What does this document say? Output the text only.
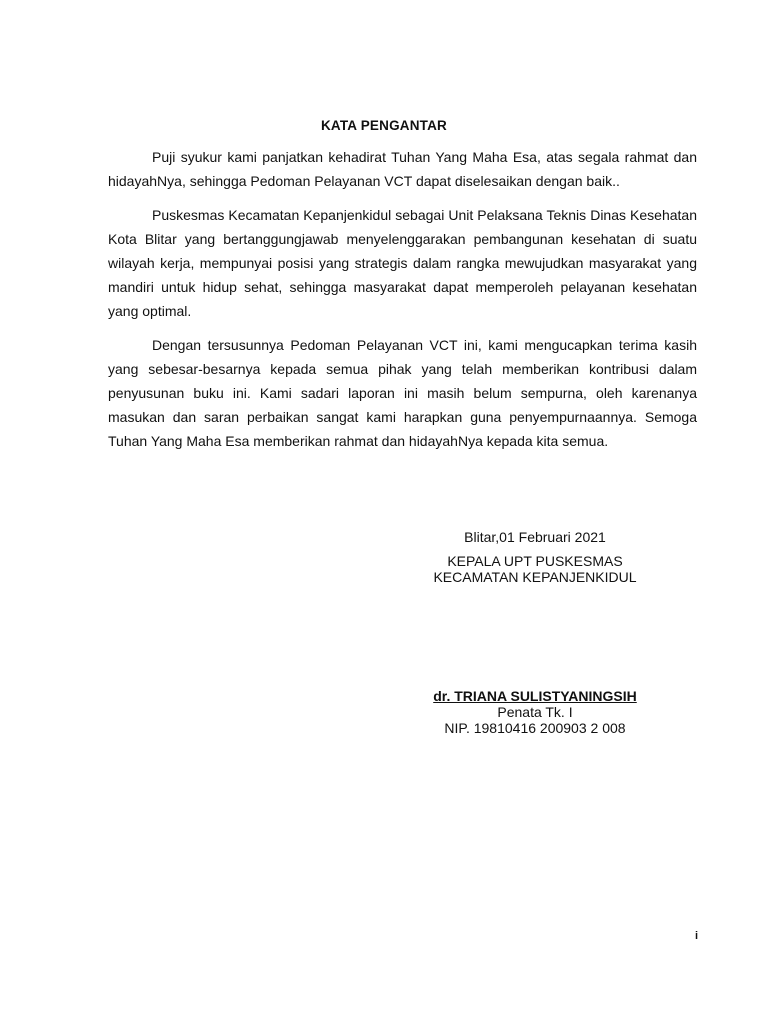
KATA PENGANTAR

Puji syukur kami panjatkan kehadirat Tuhan Yang Maha Esa, atas segala rahmat dan hidayahNya, sehingga Pedoman Pelayanan VCT dapat diselesaikan dengan baik..

Puskesmas Kecamatan Kepanjenkidul sebagai Unit Pelaksana Teknis Dinas Kesehatan Kota Blitar yang bertanggungjawab menyelenggarakan pembangunan kesehatan di suatu wilayah kerja, mempunyai posisi yang strategis dalam rangka mewujudkan masyarakat yang mandiri untuk hidup sehat, sehingga masyarakat dapat memperoleh pelayanan kesehatan yang optimal.

Dengan tersusunnya Pedoman Pelayanan VCT ini, kami mengucapkan terima kasih yang sebesar-besarnya kepada semua pihak yang telah memberikan kontribusi dalam penyusunan buku ini. Kami sadari laporan ini masih belum sempurna, oleh karenanya masukan dan saran perbaikan sangat kami harapkan guna penyempurnaannya. Semoga Tuhan Yang Maha Esa memberikan rahmat dan hidayahNya kepada kita semua.

Blitar,01 Februari 2021
KEPALA UPT PUSKESMAS
KECAMATAN KEPANJENKIDUL
dr. TRIANA SULISTYANINGSIH
Penata Tk. I
NIP. 19810416 200903 2 008
i
